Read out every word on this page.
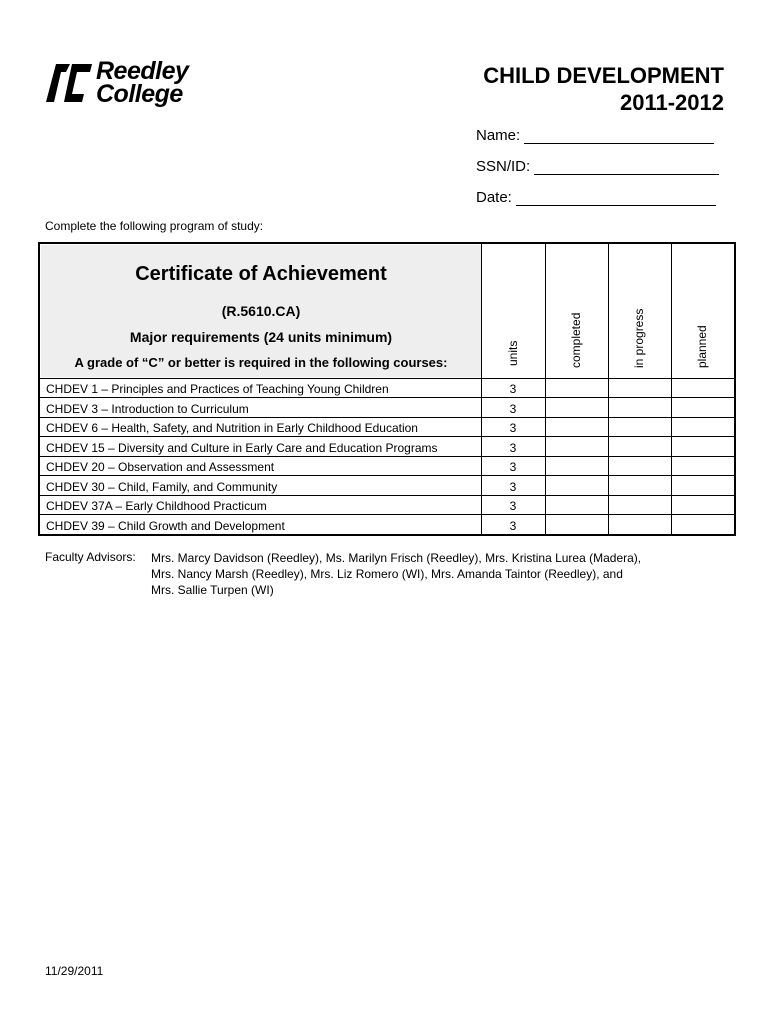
Reedley
College
CHILD DEVELOPMENT
2011-2012
Name:
SSN/ID:
Date:
Complete the following program of study:
Certificate of Achievement
(R.5610.CA)
Major requirements (24 units minimum)
A grade of “C” or better is required in the following courses:	units	completed	in progress	planned
CHDEV 1 – Principles and Practices of Teaching Young Children	3
CHDEV 3 – Introduction to Curriculum	3
CHDEV 6 – Health, Safety, and Nutrition in Early Childhood Education	3
CHDEV 15 – Diversity and Culture in Early Care and Education Programs	3
CHDEV 20 – Observation and Assessment	3
CHDEV 30 – Child, Family, and Community	3
CHDEV 37A – Early Childhood Practicum	3
CHDEV 39 – Child Growth and Development	3
Faculty Advisors: Mrs. Marcy Davidson (Reedley), Ms. Marilyn Frisch (Reedley), Mrs. Kristina Lurea (Madera),
Mrs. Nancy Marsh (Reedley), Mrs. Liz Romero (WI), Mrs. Amanda Taintor (Reedley), and
Mrs. Sallie Turpen (WI)
11/29/2011
